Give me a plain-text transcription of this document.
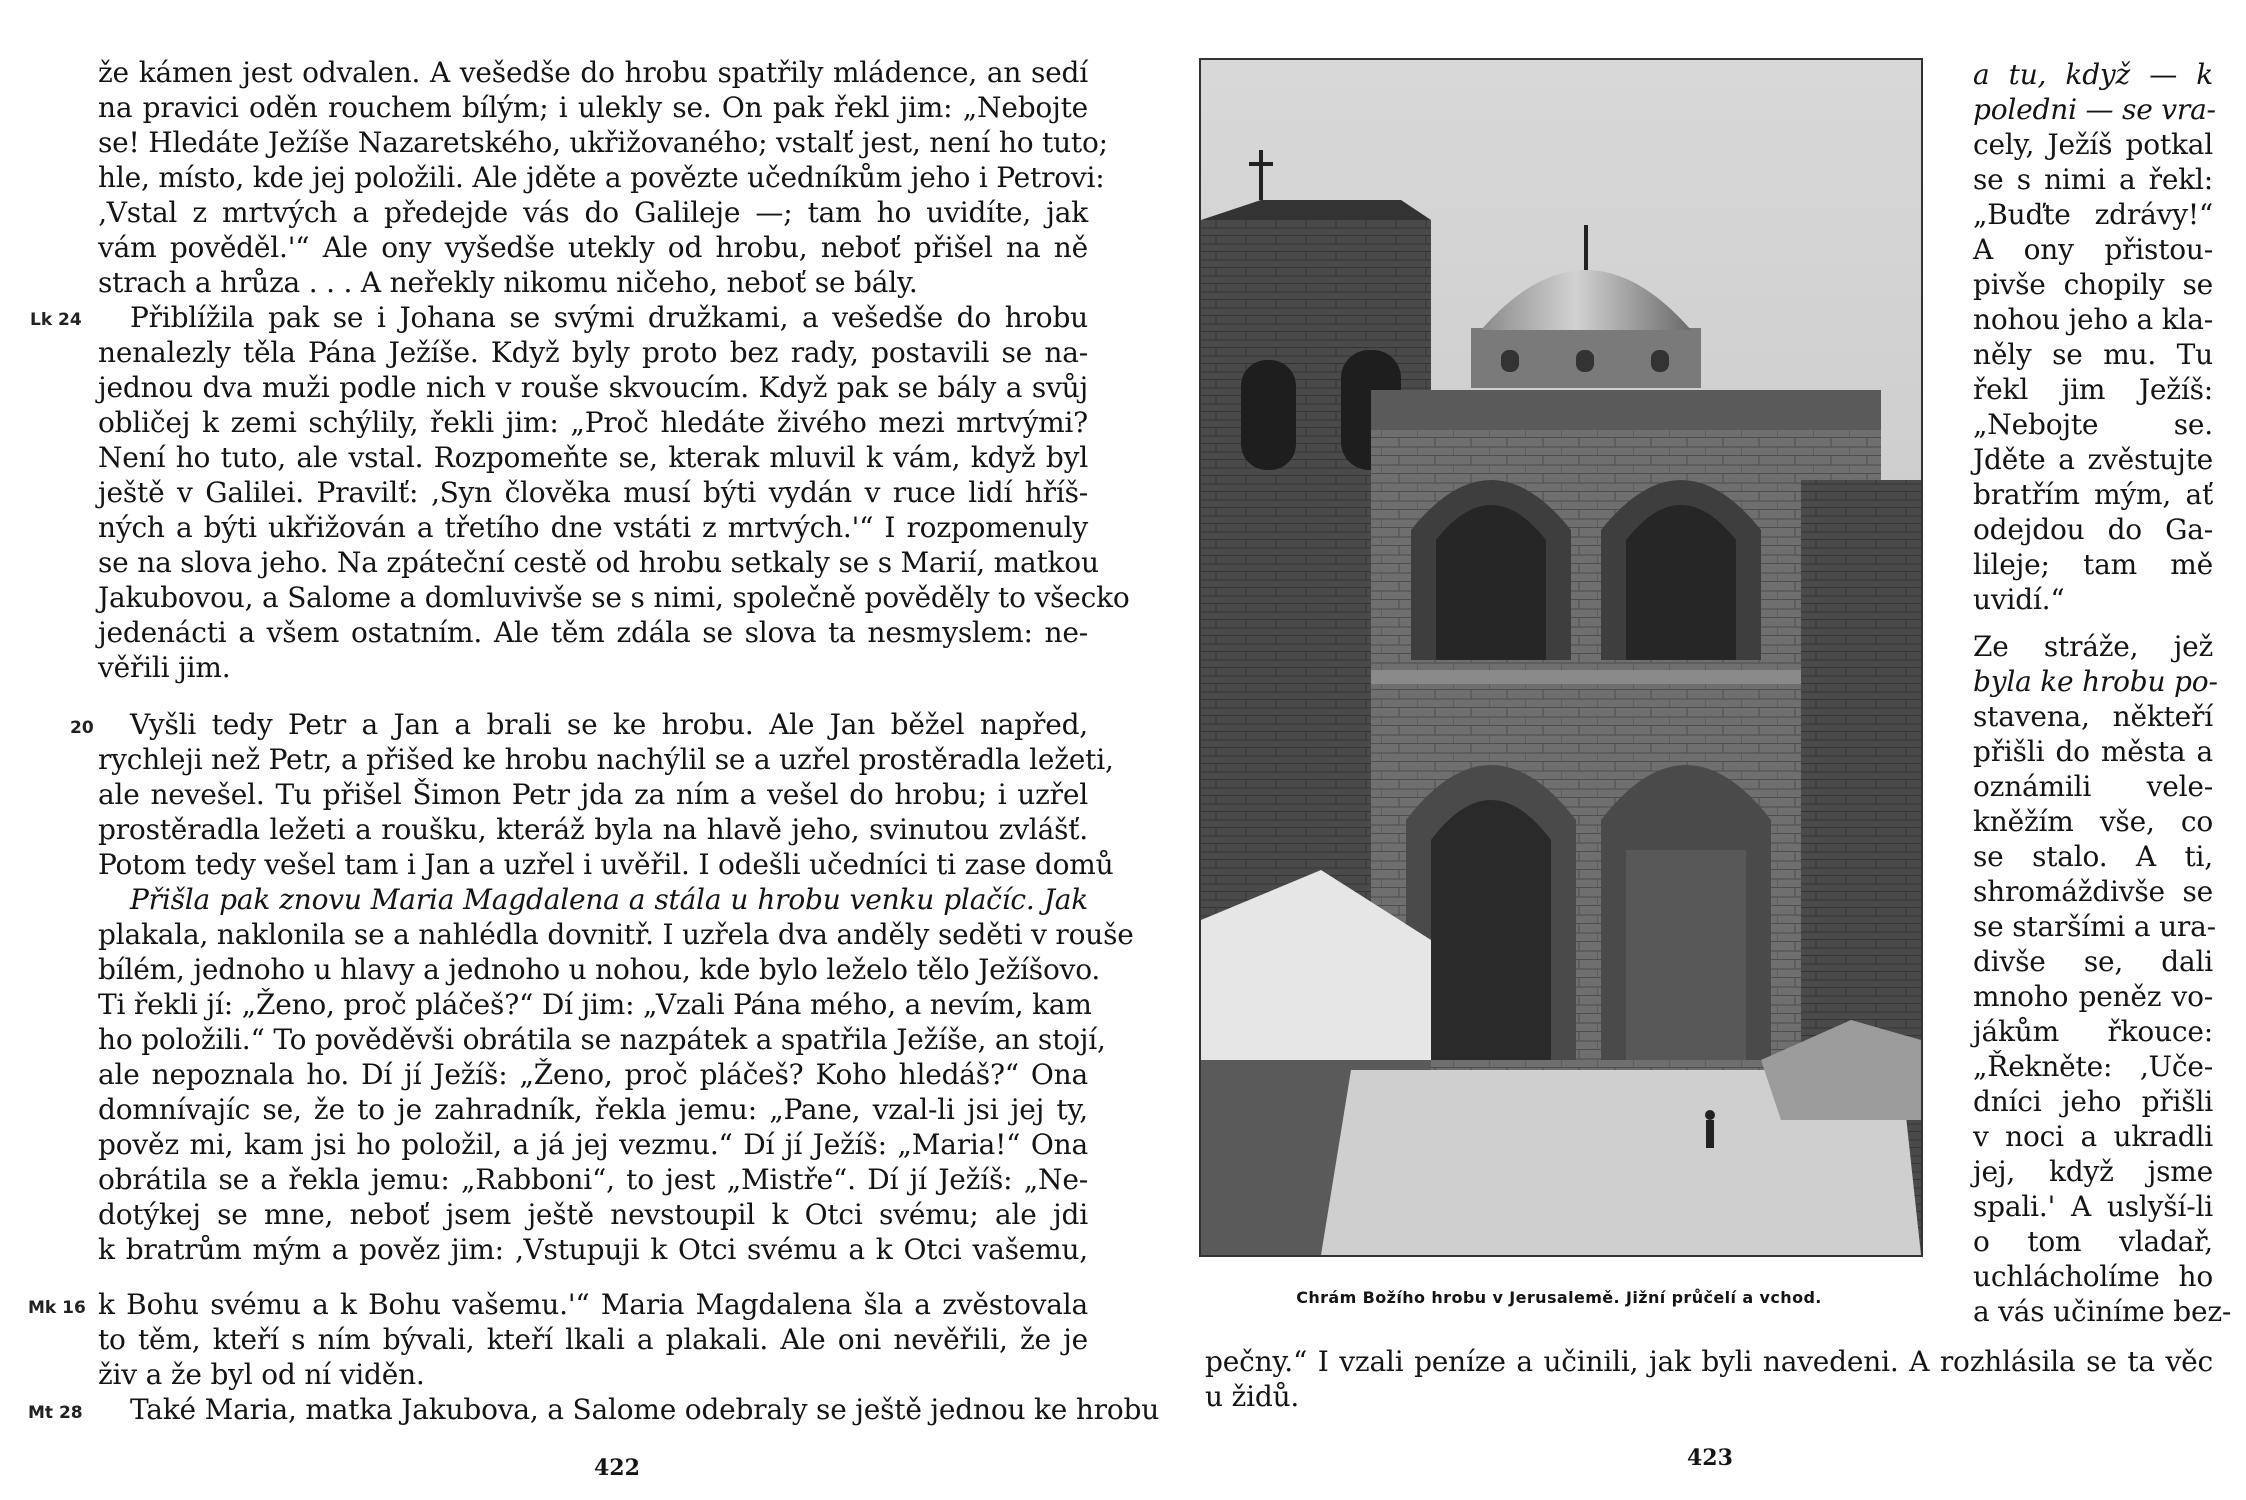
že kámen jest odvalen. A vešedše do hrobu spatřily mládence, an sedí
na pravici oděn rouchem bílým; i ulekly se. On pak řekl jim: „Nebojte
se! Hledáte Ježíše Nazaretského, ukřižovaného; vstalť jest, není ho tuto;
hle, místo, kde jej položili. Ale jděte a povězte učedníkům jeho i Petrovi:
‚Vstal z mrtvých a předejde vás do Galileje —; tam ho uvidíte, jak
vám pověděl.'“ Ale ony vyšedše utekly od hrobu, neboť přišel na ně
strach a hrůza . . . A neřekly nikomu ničeho, neboť se bály.
Lk 24 Přiblížila pak se i Johana se svými družkami, a vešedše do hrobu
nenalezly těla Pána Ježíše. Když byly proto bez rady, postavili se na-
jednou dva muži podle nich v rouše skvoucím. Když pak se bály a svůj
obličej k zemi schýlily, řekli jim: „Proč hledáte živého mezi mrtvými?
Není ho tuto, ale vstal. Rozpomeňte se, kterak mluvil k vám, když byl
ještě v Galilei. Pravilť: ‚Syn člověka musí býti vydán v ruce lidí hříš-
ných a býti ukřižován a třetího dne vstáti z mrtvých.'“ I rozpomenuly
se na slova jeho. Na zpáteční cestě od hrobu setkaly se s Marií, matkou
Jakubovou, a Salome a domluvivše se s nimi, společně pověděly to všecko
jedenácti a všem ostatním. Ale těm zdála se slova ta nesmyslem: ne-
věřili jim.
20 Vyšli tedy Petr a Jan a brali se ke hrobu. Ale Jan běžel napřed,
rychleji než Petr, a přišed ke hrobu nachýlil se a uzřel prostěradla ležeti,
ale nevešel. Tu přišel Šimon Petr jda za ním a vešel do hrobu; i uzřel
prostěradla ležeti a roušku, kteráž byla na hlavě jeho, svinutou zvlášť.
Potom tedy vešel tam i Jan a uzřel i uvěřil. I odešli učedníci ti zase domů
Přišla pak znovu Maria Magdalena a stála u hrobu venku plačíc. Jak
plakala, naklonila se a nahlédla dovnitř. I uzřela dva anděly seděti v rouše
bílém, jednoho u hlavy a jednoho u nohou, kde bylo leželo tělo Ježíšovo.
Ti řekli jí: „Ženo, proč pláčeš?“ Dí jim: „Vzali Pána mého, a nevím, kam
ho položili.“ To pověděvši obrátila se nazpátek a spatřila Ježíše, an stojí,
ale nepoznala ho. Dí jí Ježíš: „Ženo, proč pláčeš? Koho hledáš?“ Ona
domnívajíc se, že to je zahradník, řekla jemu: „Pane, vzal-li jsi jej ty,
pověz mi, kam jsi ho položil, a já jej vezmu.“ Dí jí Ježíš: „Maria!“ Ona
obrátila se a řekla jemu: „Rabboni“, to jest „Mistře“. Dí jí Ježíš: „Ne-
dotýkej se mne, neboť jsem ještě nevstoupil k Otci svému; ale jdi
k bratrům mým a pověz jim: ‚Vstupuji k Otci svému a k Otci vašemu,
Mk 16 k Bohu svému a k Bohu vašemu.'“ Maria Magdalena šla a zvěstovala
to těm, kteří s ním bývali, kteří lkali a plakali. Ale oni nevěřili, že je
živ a že byl od ní viděn.
Mt 28 Také Maria, matka Jakubova, a Salome odebraly se ještě jednou ke hrobu
422
Chrám Božího hrobu v Jerusalemě. Jižní průčelí a vchod.
a tu, když — k
poledni — se vra-
cely, Ježíš potkal
se s nimi a řekl:
„Buďte zdrávy!“
A ony přistou-
pivše chopily se
nohou jeho a kla-
něly se mu. Tu
řekl jim Ježíš:
„Nebojte se.
Jděte a zvěstujte
bratřím mým, ať
odejdou do Ga-
lileje; tam mě
uvidí.“
Ze stráže, jež
byla ke hrobu po-
stavena, někteří
přišli do města a
oznámili vele-
kněžím vše, co
se stalo. A ti,
shromáždivše se
se staršími a ura-
divše se, dali
mnoho peněz vo-
jákům řkouce:
„Řekněte: ‚Uče-
dníci jeho přišli
v noci a ukradli
jej, když jsme
spali.' A uslyší-li
o tom vladař,
uchlácholíme ho
a vás učiníme bez-
pečny.“ I vzali peníze a učinili, jak byli navedeni. A rozhlásila se ta věc
u židů.
423
